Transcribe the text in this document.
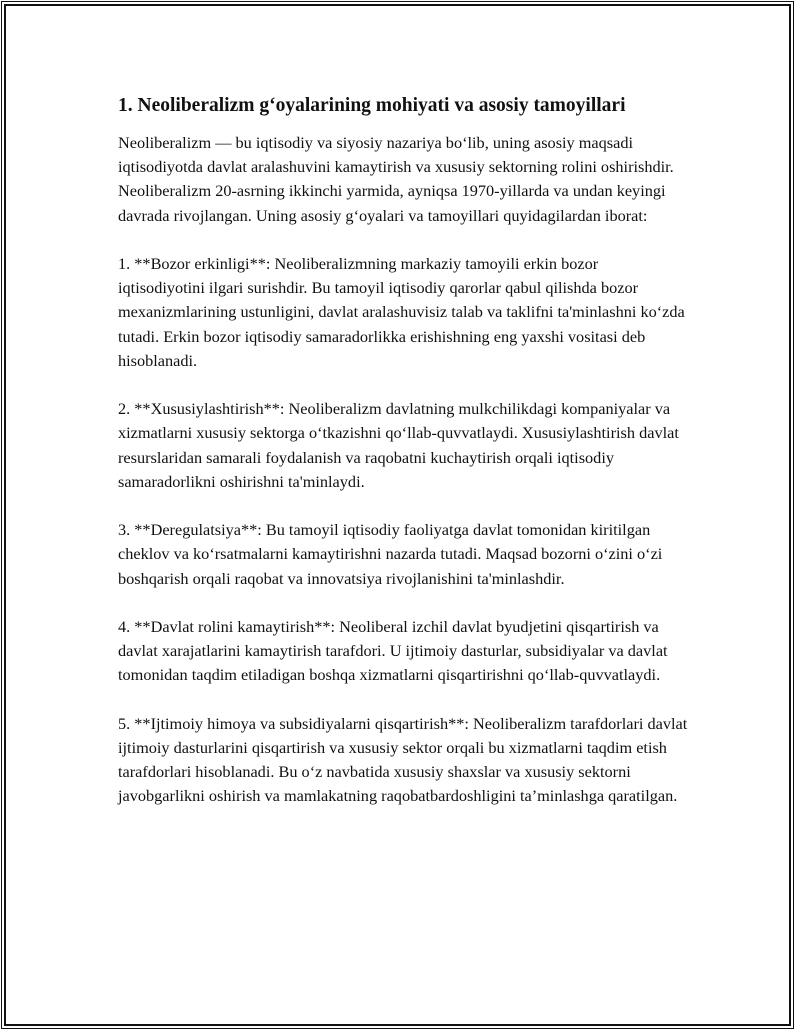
1. Neoliberalizm g‘oyalarining mohiyati va asosiy tamoyillari

Neoliberalizm — bu iqtisodiy va siyosiy nazariya bo‘lib, uning asosiy maqsadi iqtisodiyotda davlat aralashuvini kamaytirish va xususiy sektorning rolini oshirishdir. Neoliberalizm 20-asrning ikkinchi yarmida, ayniqsa 1970-yillarda va undan keyingi davrada rivojlangan. Uning asosiy g‘oyalari va tamoyillari quyidagilardan iborat:

1. **Bozor erkinligi**: Neoliberalizmning markaziy tamoyili erkin bozor iqtisodiyotini ilgari surishdir. Bu tamoyil iqtisodiy qarorlar qabul qilishda bozor mexanizmlarining ustunligini, davlat aralashuvisiz talab va taklifni ta'minlashni ko‘zda tutadi. Erkin bozor iqtisodiy samaradorlikka erishishning eng yaxshi vositasi deb hisoblanadi.

2. **Xususiylashtirish**: Neoliberalizm davlatning mulkchilikdagi kompaniyalar va xizmatlarni xususiy sektorga o‘tkazishni qo‘llab-quvvatlaydi. Xususiylashtirish davlat resurslaridan samarali foydalanish va raqobatni kuchaytirish orqali iqtisodiy samaradorlikni oshirishni ta'minlaydi.

3. **Deregulatsiya**: Bu tamoyil iqtisodiy faoliyatga davlat tomonidan kiritilgan cheklov va ko‘rsatmalarni kamaytirishni nazarda tutadi. Maqsad bozorni o‘zini o‘zi boshqarish orqali raqobat va innovatsiya rivojlanishini ta'minlashdir.

4. **Davlat rolini kamaytirish**: Neoliberal izchil davlat byudjetini qisqartirish va davlat xarajatlarini kamaytirish tarafdori. U ijtimoiy dasturlar, subsidiyalar va davlat tomonidan taqdim etiladigan boshqa xizmatlarni qisqartirishni qo‘llab-quvvatlaydi.

5. **Ijtimoiy himoya va subsidiyalarni qisqartirish**: Neoliberalizm tarafdorlari davlat ijtimoiy dasturlarini qisqartirish va xususiy sektor orqali bu xizmatlarni taqdim etish tarafdorlari hisoblanadi. Bu o‘z navbatida xususiy shaxslar va xususiy sektorni javobgarlikni oshirish va mamlakatning raqobatbardoshligini ta’minlashga qaratilgan.
